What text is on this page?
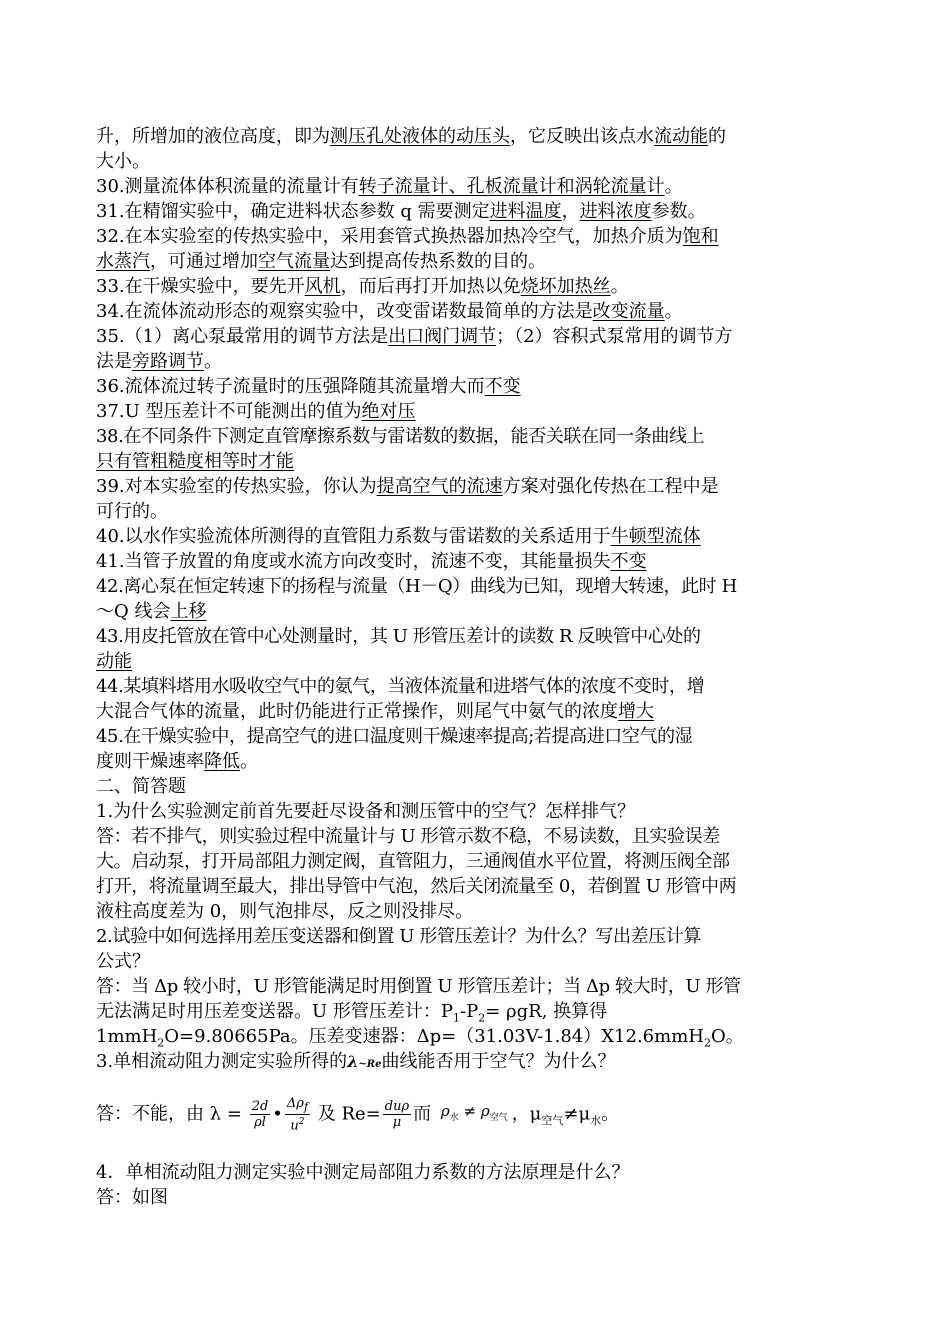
升，所增加的液位高度，即为测压孔处液体的动压头，它反映出该点水流动能的
大小。
30.测量流体体积流量的流量计有转子流量计、孔板流量计和涡轮流量计。
31.在精馏实验中，确定进料状态参数 q 需要测定进料温度，进料浓度参数。
32.在本实验室的传热实验中，采用套管式换热器加热冷空气，加热介质为饱和
水蒸汽，可通过增加空气流量达到提高传热系数的目的。
33.在干燥实验中，要先开风机，而后再打开加热以免烧坏加热丝。
34.在流体流动形态的观察实验中，改变雷诺数最简单的方法是改变流量。
35.（1）离心泵最常用的调节方法是出口阀门调节；（2）容积式泵常用的调节方
法是旁路调节。
36.流体流过转子流量时的压强降随其流量增大而不变
37.U 型压差计不可能测出的值为绝对压
38.在不同条件下测定直管摩擦系数与雷诺数的数据，能否关联在同一条曲线上
只有管粗糙度相等时才能
39.对本实验室的传热实验，你认为提高空气的流速方案对强化传热在工程中是
可行的。
40.以水作实验流体所测得的直管阻力系数与雷诺数的关系适用于牛顿型流体
41.当管子放置的角度或水流方向改变时，流速不变，其能量损失不变
42.离心泵在恒定转速下的扬程与流量（H－Q）曲线为已知，现增大转速，此时 H
～Q 线会上移
43.用皮托管放在管中心处测量时，其 U 形管压差计的读数 R 反映管中心处的
动能
44.某填料塔用水吸收空气中的氨气，当液体流量和进塔气体的浓度不变时，增
大混合气体的流量，此时仍能进行正常操作，则尾气中氨气的浓度增大
45.在干燥实验中，提高空气的进口温度则干燥速率提高;若提高进口空气的湿
度则干燥速率降低。
二、简答题
1.为什么实验测定前首先要赶尽设备和测压管中的空气？怎样排气？
答：若不排气，则实验过程中流量计与 U 形管示数不稳，不易读数，且实验误差
大。启动泵，打开局部阻力测定阀，直管阻力，三通阀值水平位置，将测压阀全部
打开，将流量调至最大，排出导管中气泡，然后关闭流量至 0，若倒置 U 形管中两
液柱高度差为 0，则气泡排尽，反之则没排尽。
2.试验中如何选择用差压变送器和倒置 U 形管压差计？为什么？写出差压计算
公式？
答：当 Δp 较小时，U 形管能满足时用倒置 U 形管压差计；当 Δp 较大时，U 形管
无法满足时用压差变送器。U 形管压差计：$P_1-P_2= \rho gR$, 换算得
1mmH$_2$O=9.80665Pa。压差变速器：Δp=（31.03V-1.84）X12.6mmH$_2$O。
3.单相流动阻力测定实验所得的λ~Re曲线能否用于空气？为什么？
答：不能，由 $\lambda = \frac{2d}{\rho l}$ • $\frac{\Delta\rho_f}{u^2}$ 及 $Re= \frac{\text{duρ}}{\mu}$ 而 $\rho_水 \ne \rho_{空气}$ ，$\mu_{空气}\ne\mu_水$。
4．单相流动阻力测定实验中测定局部阻力系数的方法原理是什么？
答：如图
